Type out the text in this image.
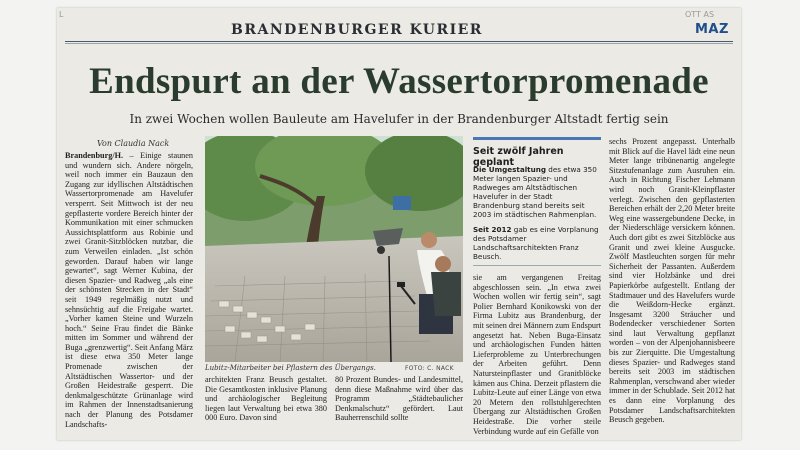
L	OTT AS
BRANDENBURGER KURIER	MAZ
Endspurt an der Wassertorpromenade
In zwei Wochen wollen Bauleute am Havelufer in der Brandenburger Altstadt fertig sein
Von Claudia Nack
Brandenburg/H. – Einige staunen und wundern sich. Andere nörgeln, weil noch immer ein Bauzaun den Zugang zur idyllischen Altstädtischen Wassertorpromenade am Havelufer versperrt. Seit Mittwoch ist der neu gepflasterte vordere Bereich hinter der Kommunikation mit einer schmucken Aussichtsplattform aus Robinie und zwei Granit-Sitzblöcken nutzbar, die zum Verweilen einladen. „Ist schön geworden. Darauf haben wir lange gewartet“, sagt Werner Kubina, der diesen Spazier- und Radweg „als eine der schönsten Strecken in der Stadt“ seit 1949 regelmäßig nutzt und sehnsüchtig auf die Freigabe wartet. „Vorher kamen Steine und Wurzeln hoch.“ Seine Frau findet die Bänke mitten im Sommer und während der Buga „grenzwertig“. Seit Anfang März ist diese etwa 350 Meter lange Promenade zwischen der Altstädtischen Wassertor- und der Großen Heidestraße gesperrt. Die denkmalgeschützte Grünanlage wird im Rahmen der Innenstadtsanierung nach der Planung des Potsdamer Landschafts-
Lubitz-Mitarbeiter bei Pflastern des Übergangs.	FOTO: C. NACK
architekten Franz Beusch gestaltet. Die Gesamtkosten inklusive Planung und archäologischer Begleitung liegen laut Verwaltung bei etwa 380 000 Euro. Davon sind
80 Prozent Bundes- und Landesmittel, denn diese Maßnahme wird über das Programm „Städtebaulicher Denkmalschutz“ gefördert. Laut Bauherrenschild sollte
Seit zwölf Jahren geplant
Die Umgestaltung des etwa 350 Meter langen Spazier- und Radweges am Altstädtischen Havelufer in der Stadt Brandenburg stand bereits seit 2003 im städtischen Rahmenplan.
Seit 2012 gab es eine Vorplanung des Potsdamer Landschaftsarchitekten Franz Beusch.
sie am vergangenen Freitag abgeschlossen sein. „In etwa zwei Wochen wollen wir fertig sein“, sagt Polier Bernhard Konikowski von der Firma Lubitz aus Brandenburg, der mit seinen drei Männern zum Endspurt angesetzt hat. Neben Buga-Einsatz und archäologischen Funden hätten Lieferprobleme zu Unterbrechungen der Arbeiten geführt. Denn Natursteinpflaster und Granitblöcke kämen aus China. Derzeit pflastern die Lubitz-Leute auf einer Länge von etwa 20 Metern den rollstuhlgerechten Übergang zur Altstädtischen Großen Heidestraße. Die vorher steile Verbindung wurde auf ein Gefälle von
sechs Prozent angepasst. Unterhalb mit Blick auf die Havel lädt eine neun Meter lange tribünenartig angelegte Sitzstufenanlage zum Ausruhen ein. Auch in Richtung Fischer Lehmann wird noch Granit-Kleinpflaster verlegt. Zwischen den gepflasterten Bereichen erhält der 2,20 Meter breite Weg eine wassergebundene Decke, in der Niederschläge versickern können. Auch dort gibt es zwei Sitzblöcke aus Granit und zwei kleine Ausgucke. Zwölf Mastleuchten sorgen für mehr Sicherheit der Passanten. Außerdem sind vier Holzbänke und drei Papierkörbe aufgestellt. Entlang der Stadtmauer und des Havelufers wurde die Weißdorn-Hecke ergänzt. Insgesamt 3200 Sträucher und Bodendecker verschiedener Sorten sind laut Verwaltung gepflanzt worden – von der Alpenjohannisbeere bis zur Zierquitte. Die Umgestaltung dieses Spazier- und Radweges stand bereits seit 2003 im städtischen Rahmenplan, verschwand aber wieder immer in der Schublade. Seit 2012 hat es dann eine Vorplanung des Potsdamer Landschaftsarchitekten Beusch gegeben.
